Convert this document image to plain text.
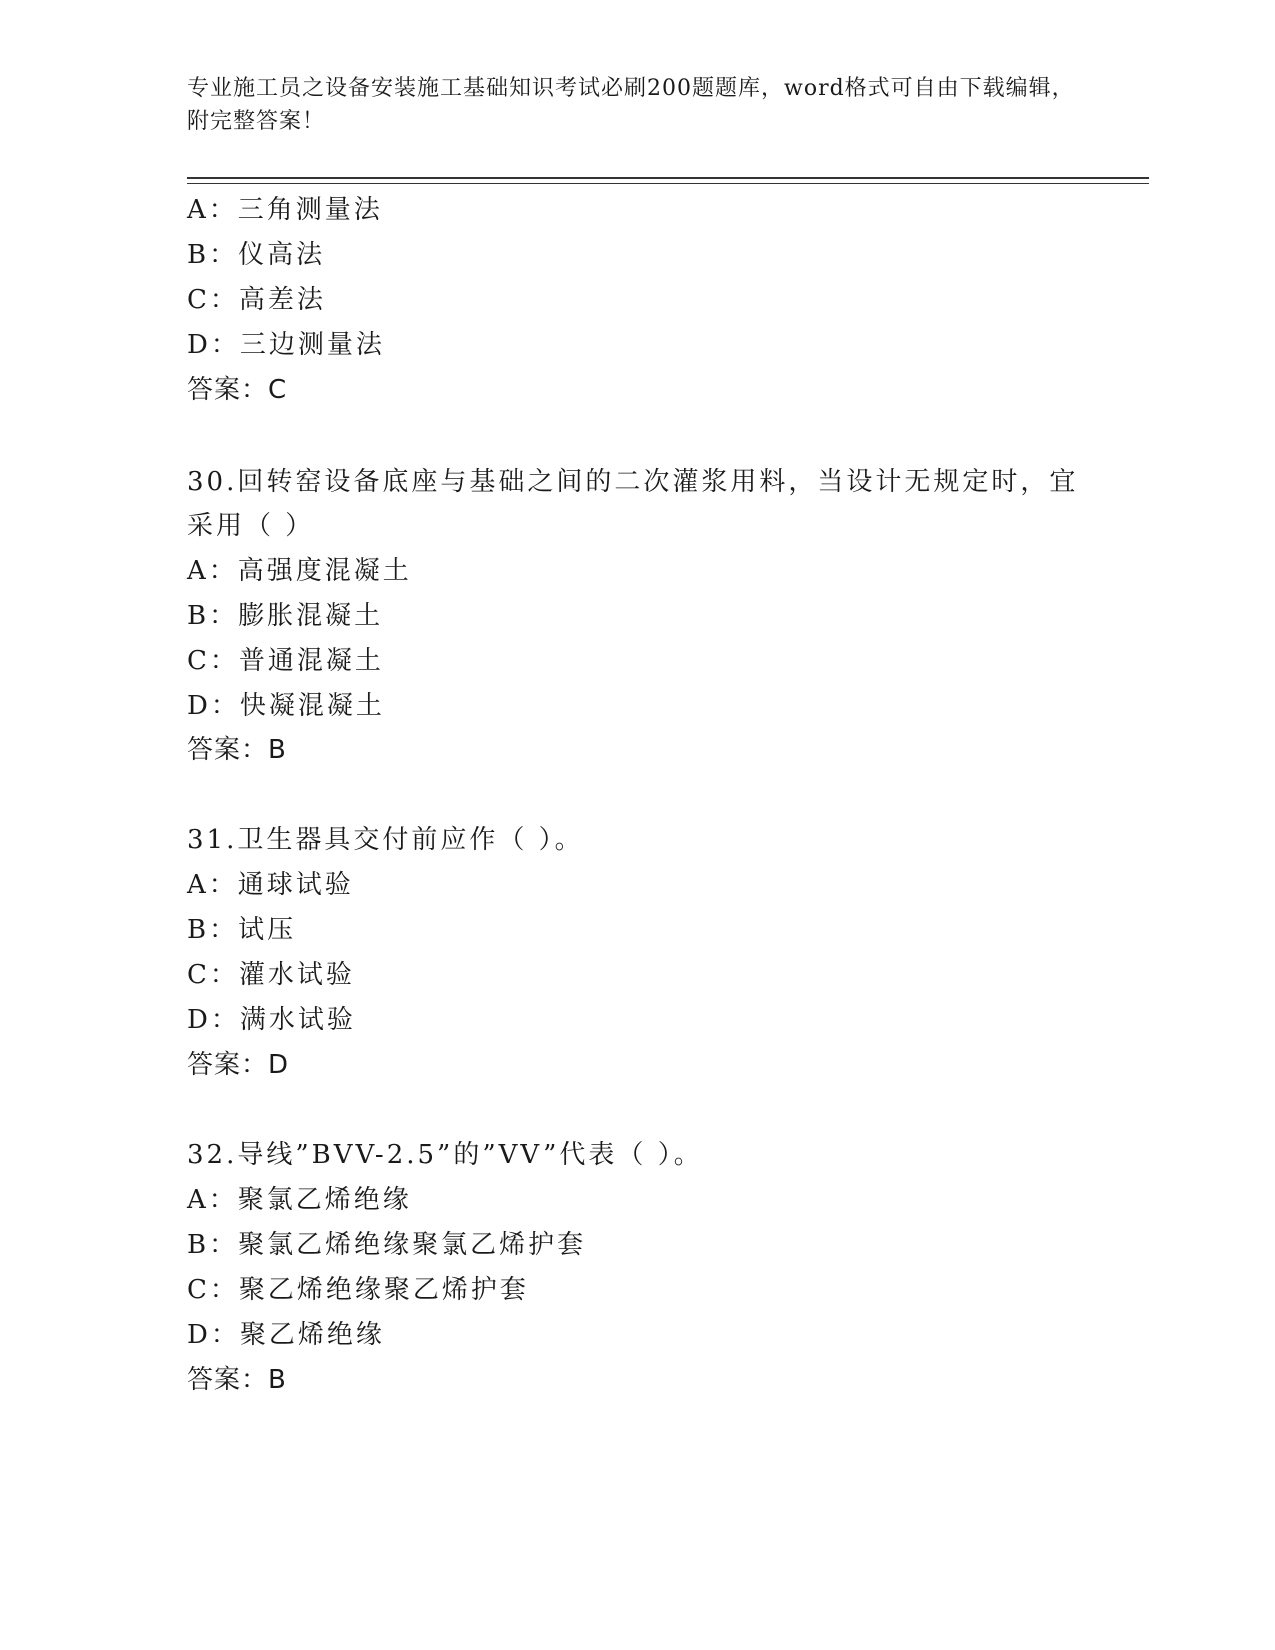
专业施工员之设备安装施工基础知识考试必刷200题题库，word格式可自由下载编辑，附完整答案！
A：三角测量法
B：仪高法
C：高差法
D：三边测量法
答案：C
30.回转窑设备底座与基础之间的二次灌浆用料，当设计无规定时，宜
采用（ ）
A：高强度混凝土
B：膨胀混凝土
C：普通混凝土
D：快凝混凝土
答案：B
31.卫生器具交付前应作（ ）。
A：通球试验
B：试压
C：灌水试验
D：满水试验
答案：D
32.导线”BVV-2.5”的”VV”代表（ ）。
A：聚氯乙烯绝缘
B：聚氯乙烯绝缘聚氯乙烯护套
C：聚乙烯绝缘聚乙烯护套
D：聚乙烯绝缘
答案：B
